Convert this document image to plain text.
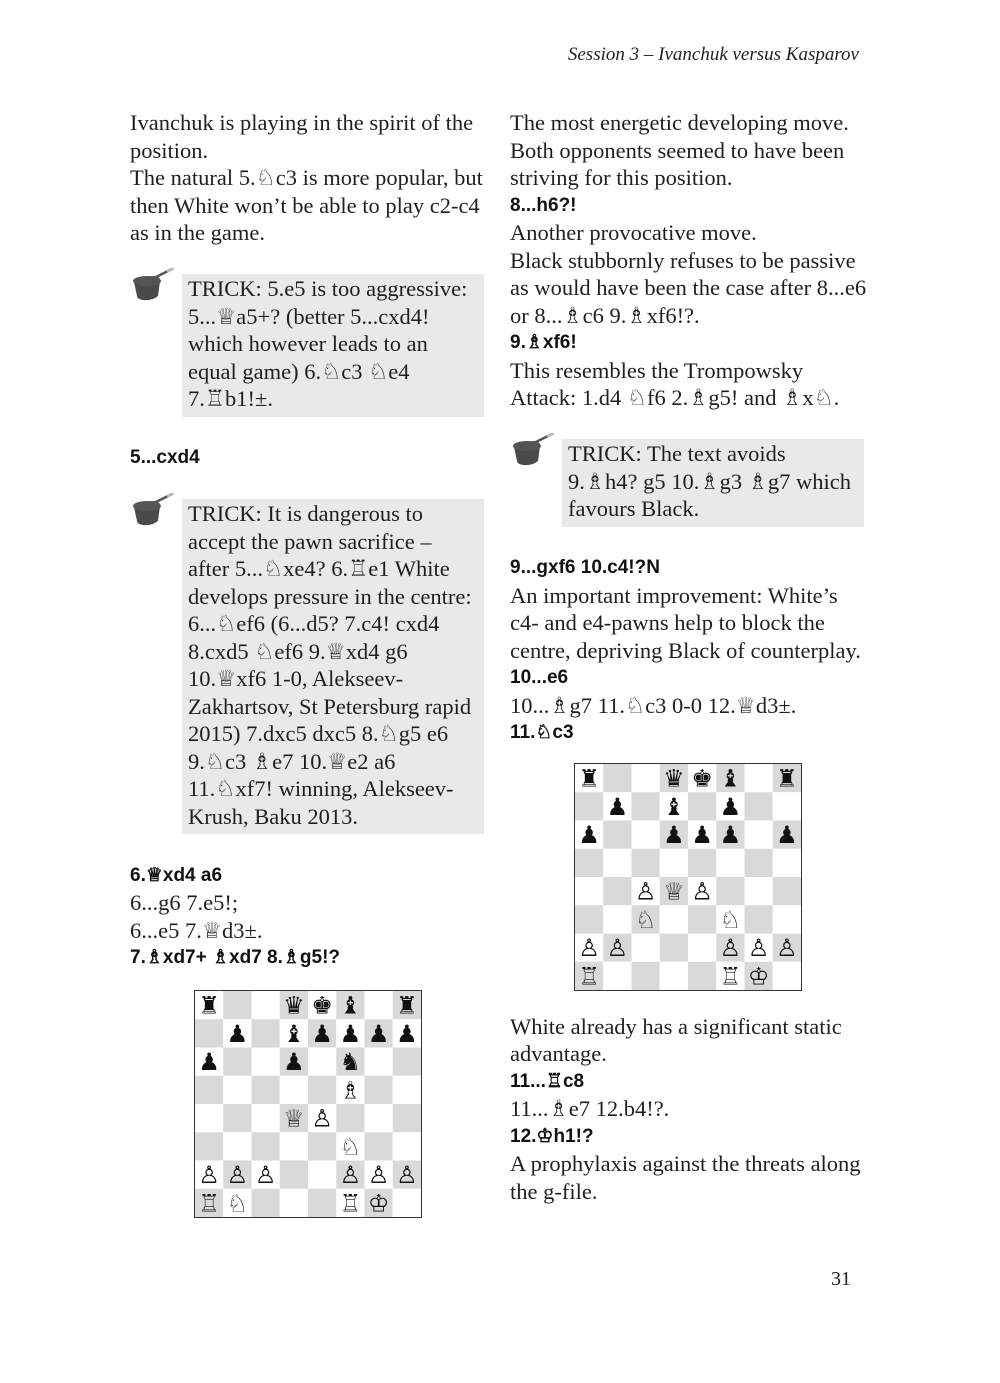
Session 3 – Ivanchuk versus Kasparov
Ivanchuk is playing in the spirit of the position.
The natural 5.♘c3 is more popular, but then White won’t be able to play c2-c4 as in the game.
TRICK: 5.e5 is too aggressive: 5...♕a5+? (better 5...cxd4! which however leads to an equal game) 6.♘c3 ♘e4 7.♖b1!±.
5...cxd4
TRICK: It is dangerous to accept the pawn sacrifice – after 5...♘xe4? 6.♖e1 White develops pressure in the centre: 6...♘ef6 (6...d5? 7.c4! cxd4 8.cxd5 ♘ef6 9.♕xd4 g6 10.♕xf6 1-0, Alekseev-Zakhartsov, St Petersburg rapid 2015) 7.dxc5 dxc5 8.♘g5 e6 9.♘c3 ♗e7 10.♕e2 a6 11.♘xf7! winning, Alekseev-Krush, Baku 2013.
6.♕xd4 a6
6...g6 7.e5!;
6...e5 7.♕d3±.
7.♗xd7+ ♗xd7 8.♗g5!?
♜	♛ ♚ ♝ ♜
♟ ♝ ♟ ♟ ♟ ♟
♟	♟ ♞
♗
♕ ♙
♘
♙ ♙ ♙	♙ ♙ ♙
♖ ♘	♖ ♔
The most energetic developing move. Both opponents seemed to have been striving for this position.
8...h6?!
Another provocative move.
Black stubbornly refuses to be passive as would have been the case after 8...e6 or 8...♗c6 9.♗xf6!?.
9.♗xf6!
This resembles the Trompowsky Attack: 1.d4 ♘f6 2.♗g5! and ♗x♘.
TRICK: The text avoids 9.♗h4? g5 10.♗g3 ♗g7 which favours Black.
9...gxf6 10.c4!?N
An important improvement: White’s c4- and e4-pawns help to block the centre, depriving Black of counterplay.
10...e6
10...♗g7 11.♘c3 0-0 12.♕d3±.
11.♘c3
♜	♛ ♚ ♝ ♜
♟ ♝ ♟
♟	♟ ♟ ♟ ♟
♙ ♕ ♙
♘	♘
♙ ♙	♙ ♙ ♙
♖	♖ ♔
White already has a significant static advantage.
11...♖c8
11...♗e7 12.b4!?.
12.♔h1!?
A prophylaxis against the threats along the g-file.
31
